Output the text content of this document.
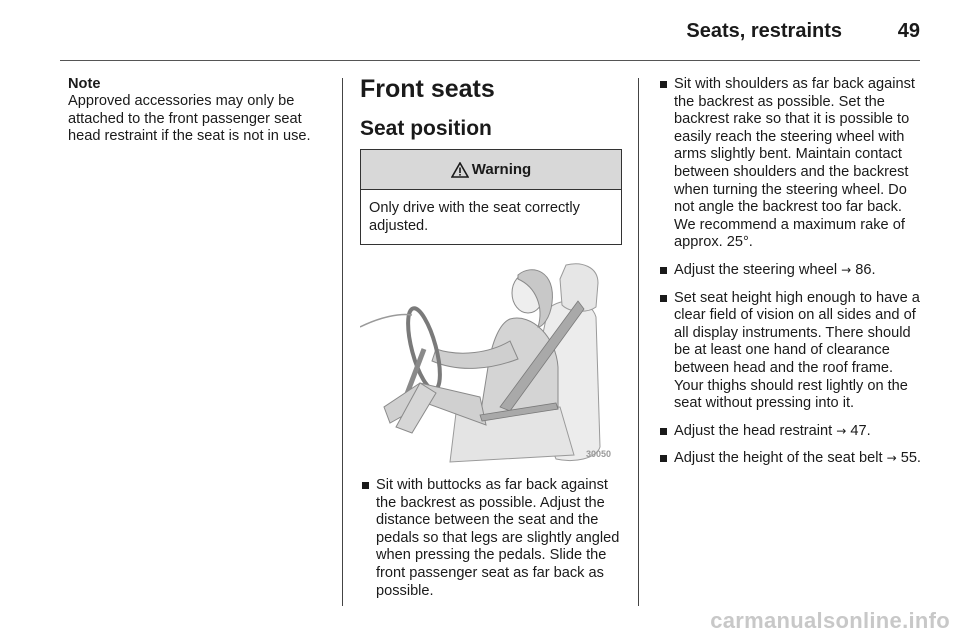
Seats, restraints	49
Note
Approved accessories may only be attached to the front passenger seat head restraint if the seat is not in use.
Front seats
Seat position
Warning
Only drive with the seat correctly adjusted.
30050
Sit with buttocks as far back against the backrest as possible. Adjust the distance between the seat and the pedals so that legs are slightly angled when pressing the pedals. Slide the front passenger seat as far back as possible.
Sit with shoulders as far back against the backrest as possible. Set the backrest rake so that it is possible to easily reach the steering wheel with arms slightly bent. Maintain contact between shoulders and the backrest when turning the steering wheel. Do not angle the backrest too far back. We recommend a maximum rake of approx. 25°.
Adjust the steering wheel → 86.
Set seat height high enough to have a clear field of vision on all sides and of all display instruments. There should be at least one hand of clearance between head and the roof frame. Your thighs should rest lightly on the seat without pressing into it.
Adjust the head restraint → 47.
Adjust the height of the seat belt → 55.
carmanualsonline.info
